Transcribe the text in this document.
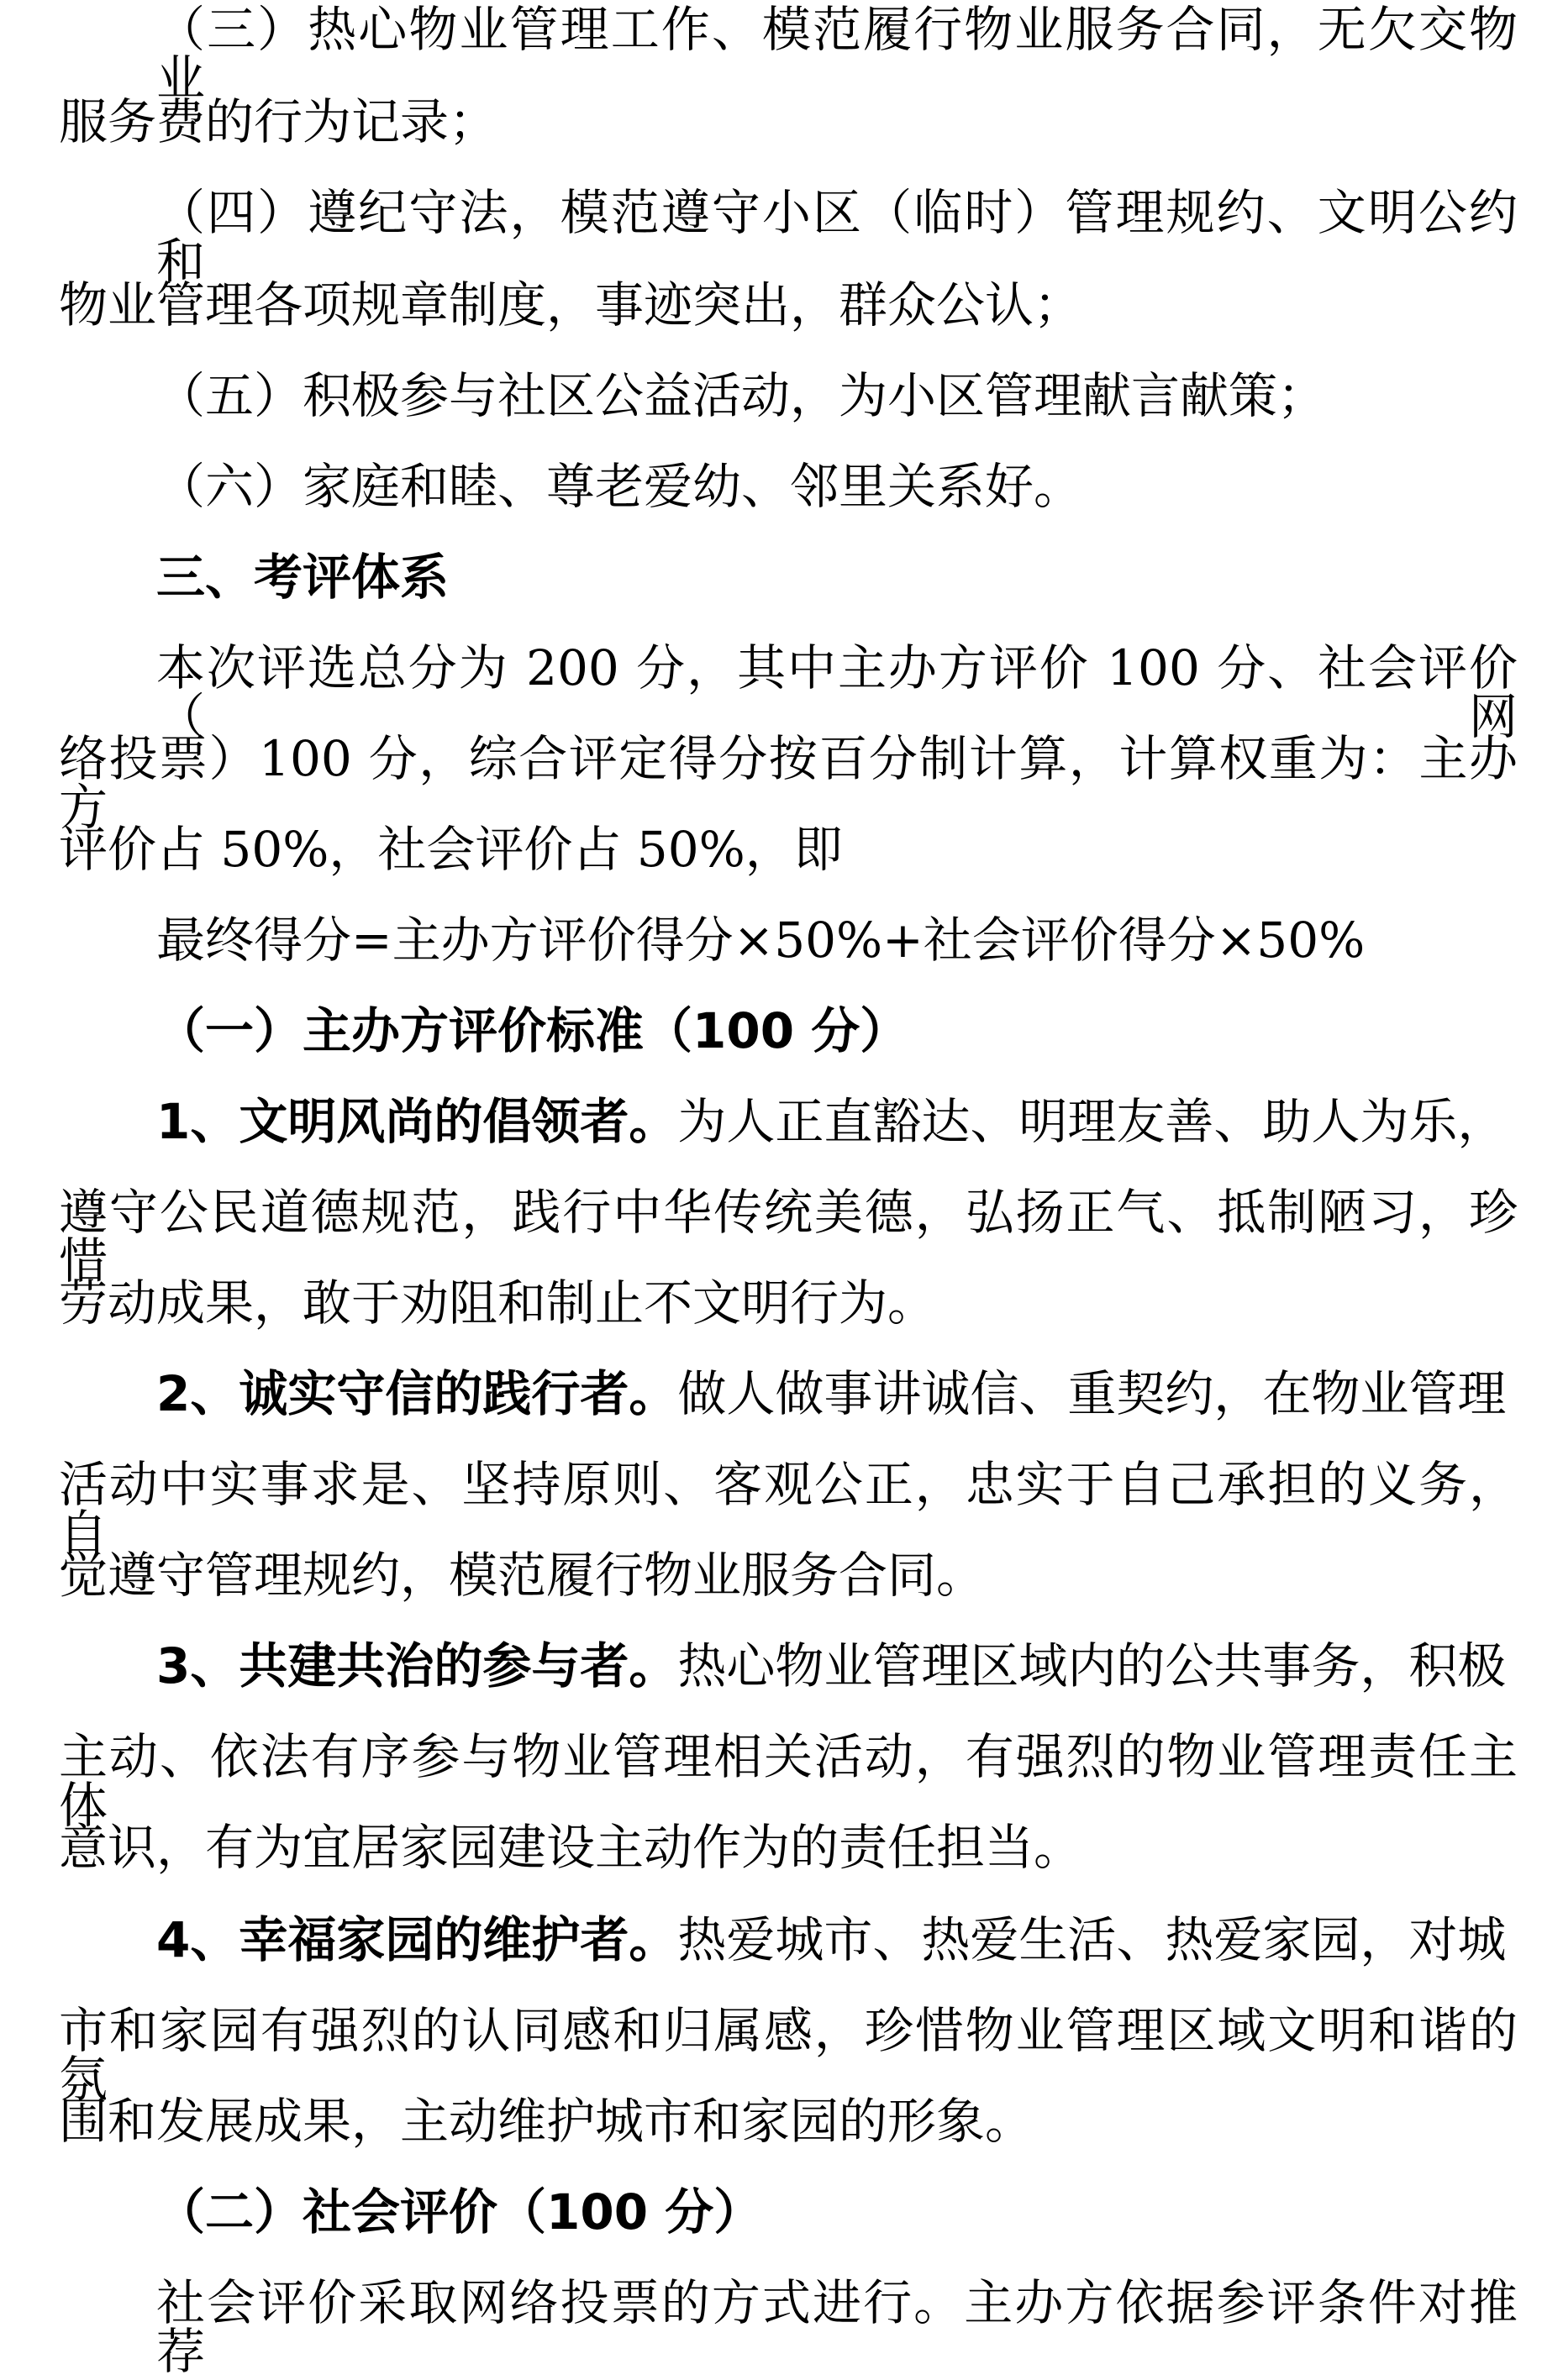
（三）热心物业管理工作、模范履行物业服务合同，无欠交物业
服务费的行为记录；
（四）遵纪守法，模范遵守小区（临时）管理规约、文明公约和
物业管理各项规章制度，事迹突出，群众公认；
（五）积极参与社区公益活动，为小区管理献言献策；
（六）家庭和睦、尊老爱幼、邻里关系好。
三、考评体系
本次评选总分为 200 分，其中主办方评价 100 分、社会评价（网
络投票）100 分，综合评定得分按百分制计算，计算权重为：主办方
评价占 50%，社会评价占 50%，即
最终得分=主办方评价得分×50%+社会评价得分×50%
（一）主办方评价标准（100 分）
1、文明风尚的倡领者。为人正直豁达、明理友善、助人为乐，
遵守公民道德规范，践行中华传统美德，弘扬正气、抵制陋习，珍惜
劳动成果，敢于劝阻和制止不文明行为。
2、诚实守信的践行者。做人做事讲诚信、重契约，在物业管理
活动中实事求是、坚持原则、客观公正，忠实于自己承担的义务，自
觉遵守管理规约，模范履行物业服务合同。
3、共建共治的参与者。热心物业管理区域内的公共事务，积极
主动、依法有序参与物业管理相关活动，有强烈的物业管理责任主体
意识，有为宜居家园建设主动作为的责任担当。
4、幸福家园的维护者。热爱城市、热爱生活、热爱家园，对城
市和家园有强烈的认同感和归属感，珍惜物业管理区域文明和谐的氛
围和发展成果，主动维护城市和家园的形象。
（二）社会评价（100 分）
社会评价采取网络投票的方式进行。主办方依据参评条件对推荐
